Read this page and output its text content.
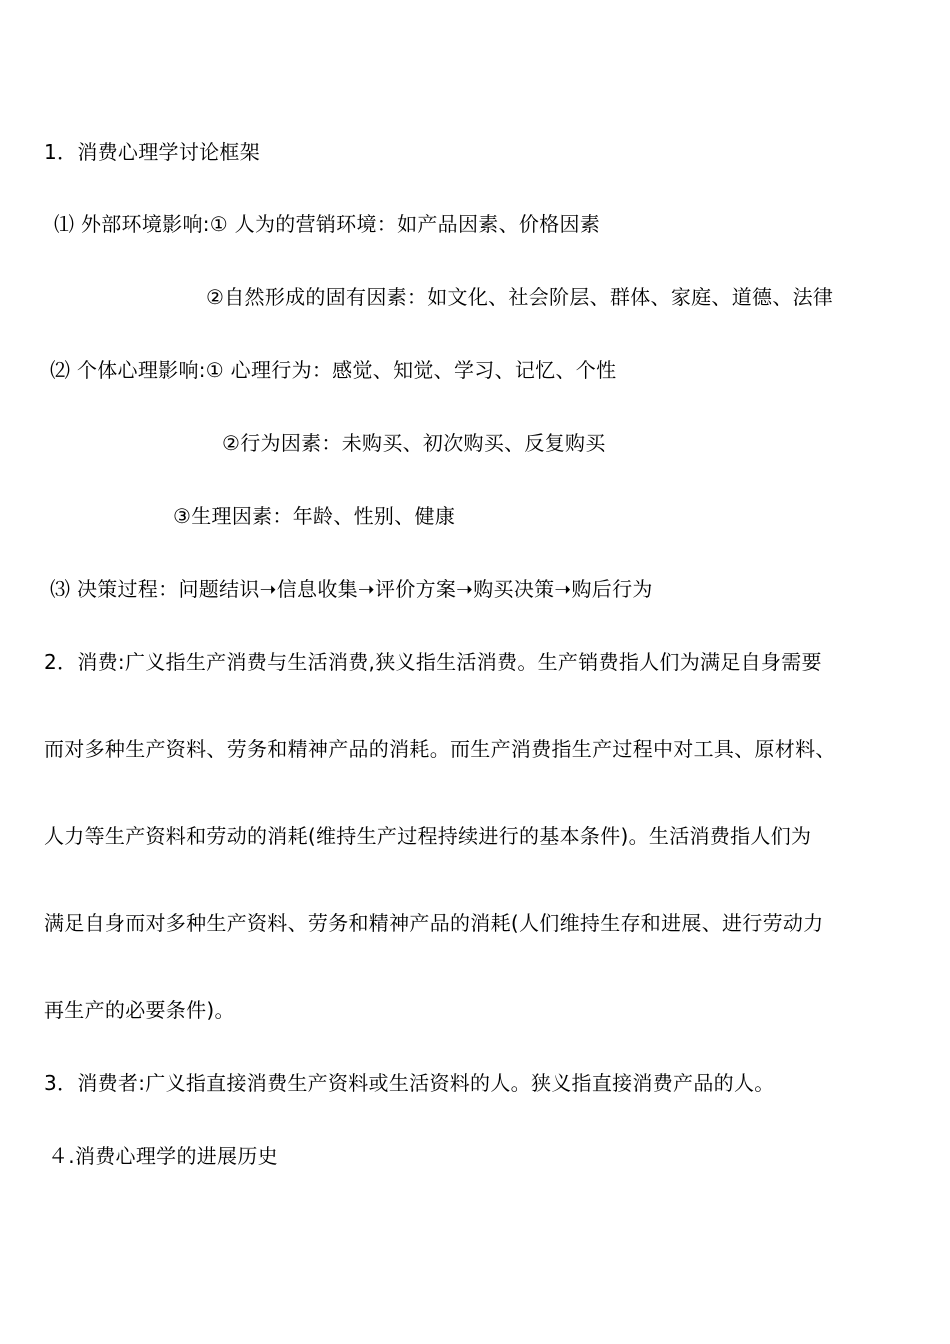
1．消费心理学讨论框架
⑴ 外部环境影响:① 人为的营销环境：如产品因素、价格因素
②自然形成的固有因素：如文化、社会阶层、群体、家庭、道德、法律
⑵ 个体心理影响:① 心理行为：感觉、知觉、学习、记忆、个性
②行为因素：未购买、初次购买、反复购买
③生理因素：年龄、性别、健康
⑶ 决策过程：问题结识➝信息收集➝评价方案➝购买决策➝购后行为
2．消费:广义指生产消费与生活消费,狭义指生活消费。生产销费指人们为满足自身需要
而对多种生产资料、劳务和精神产品的消耗。而生产消费指生产过程中对工具、原材料、
人力等生产资料和劳动的消耗(维持生产过程持续进行的基本条件)。生活消费指人们为
满足自身而对多种生产资料、劳务和精神产品的消耗(人们维持生存和进展、进行劳动力
再生产的必要条件)。
3．消费者:广义指直接消费生产资料或生活资料的人。狭义指直接消费产品的人。
４.消费心理学的进展历史
